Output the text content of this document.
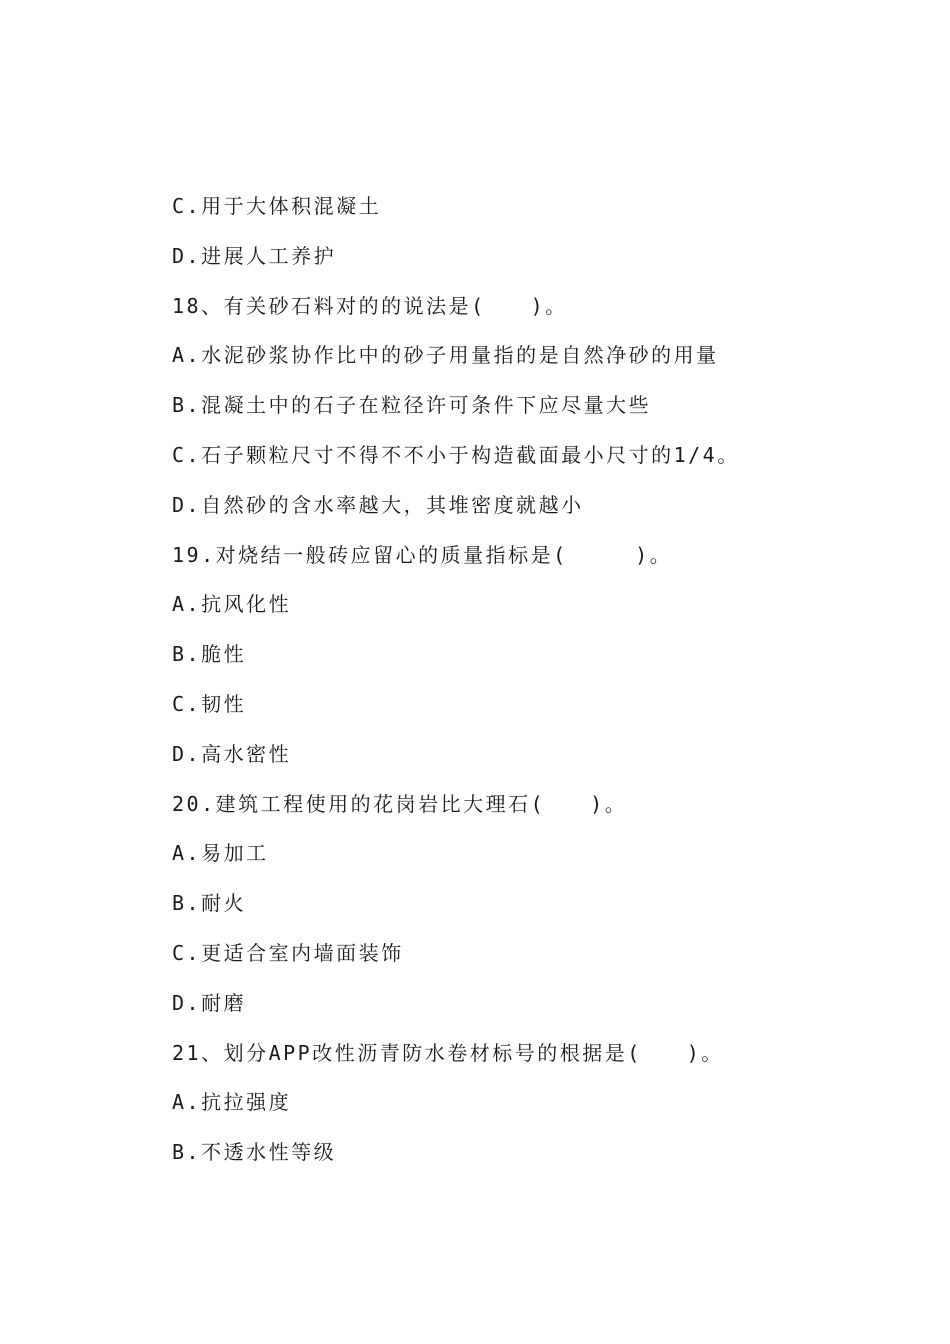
C.用于大体积混凝土
D.进展人工养护
18、有关砂石料对的的说法是(　　)。
A.水泥砂浆协作比中的砂子用量指的是自然净砂的用量
B.混凝土中的石子在粒径许可条件下应尽量大些
C.石子颗粒尺寸不得不不小于构造截面最小尺寸的1/4。
D.自然砂的含水率越大，其堆密度就越小
19.对烧结一般砖应留心的质量指标是(　　　)。
A.抗风化性
B.脆性
C.韧性
D.高水密性
20.建筑工程使用的花岗岩比大理石(　　)。
A.易加工
B.耐火
C.更适合室内墙面装饰
D.耐磨
21、划分APP改性沥青防水卷材标号的根据是(　　)。
A.抗拉强度
B.不透水性等级
